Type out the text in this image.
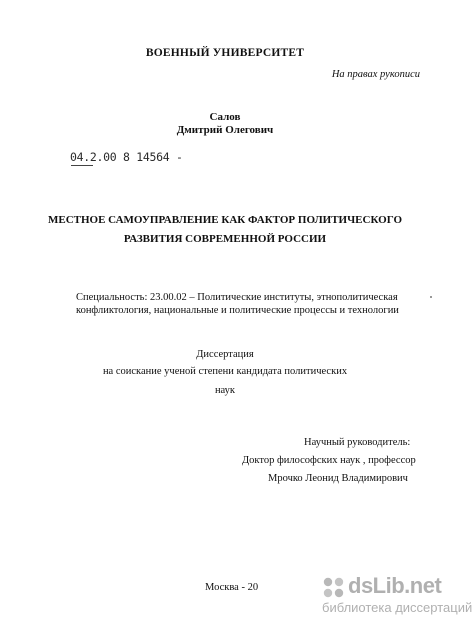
ВОЕННЫЙ УНИВЕРСИТЕТ
На правах рукописи
Салов
Дмитрий Олегович
04.2.00 8 14564 -
МЕСТНОЕ САМОУПРАВЛЕНИЕ КАК ФАКТОР ПОЛИТИЧЕСКОГО
РАЗВИТИЯ СОВРЕМЕННОЙ РОССИИ
Специальность: 23.00.02 – Политические институты, этнополитическая
конфликтология, национальные и политические процессы и технологии
Диссертация
на соискание ученой степени кандидата политических
наук
Научный руководитель:
Доктор философских наук , профессор
Мрочко Леонид Владимирович
Москва - 20	dsLib.net
библиотека диссертаций
